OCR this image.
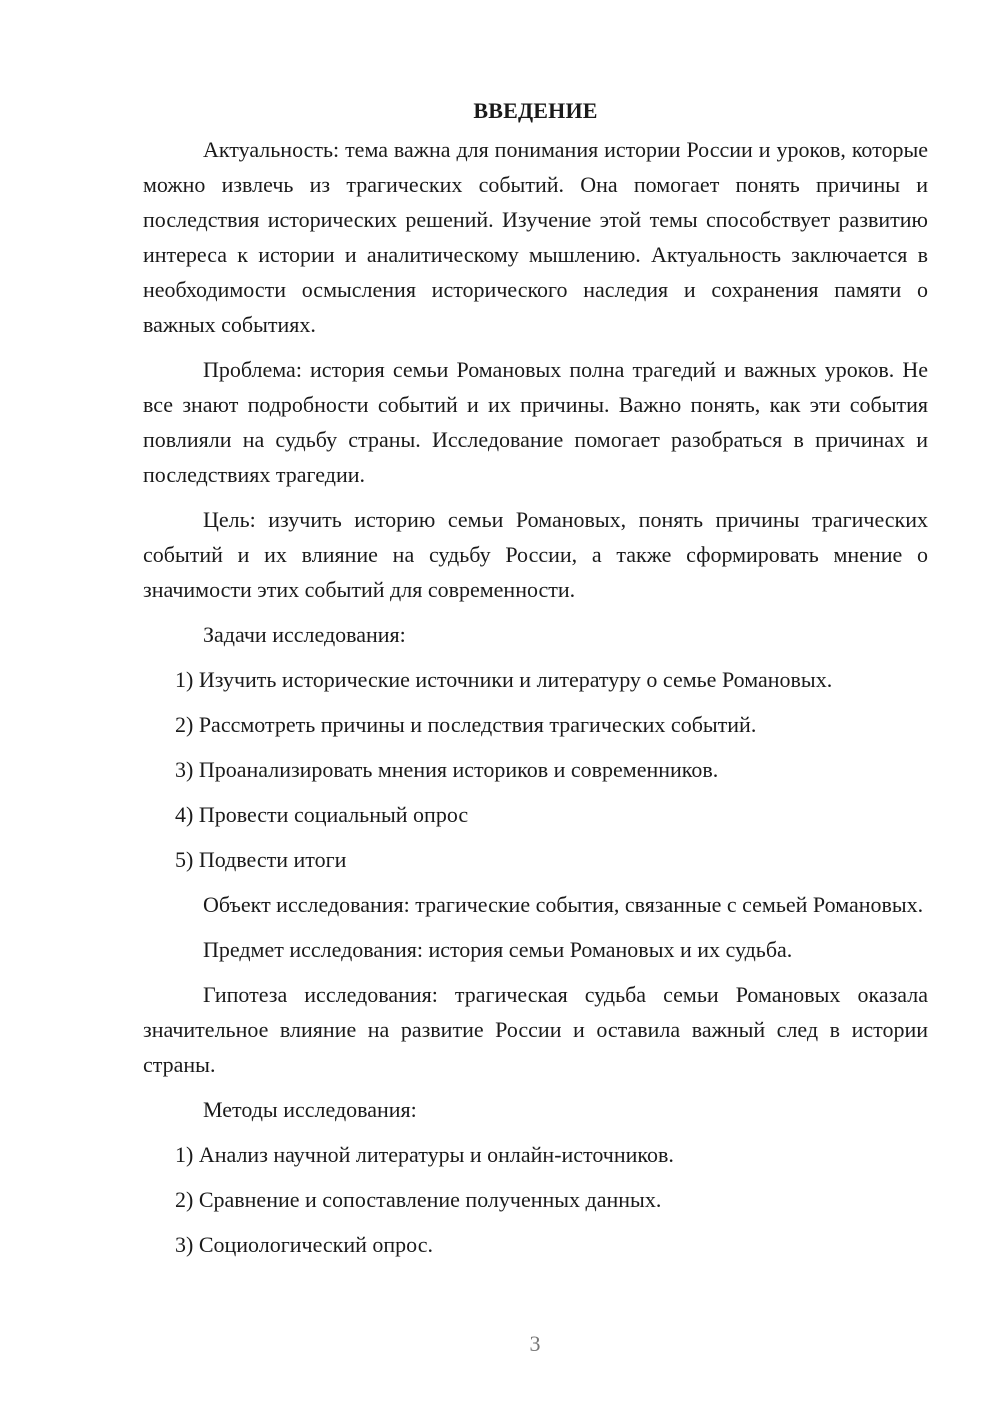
ВВЕДЕНИЕ

Актуальность: тема важна для понимания истории России и уроков, которые можно извлечь из трагических событий. Она помогает понять причины и последствия исторических решений. Изучение этой темы способствует развитию интереса к истории и аналитическому мышлению. Актуальность заключается в необходимости осмысления исторического наследия и сохранения памяти о важных событиях.

Проблема: история семьи Романовых полна трагедий и важных уроков. Не все знают подробности событий и их причины. Важно понять, как эти события повлияли на судьбу страны. Исследование помогает разобраться в причинах и последствиях трагедии.

Цель: изучить историю семьи Романовых, понять причины трагических событий и их влияние на судьбу России, а также сформировать мнение о значимости этих событий для современности.

Задачи исследования:
1) Изучить исторические источники и литературу о семье Романовых.
2) Рассмотреть причины и последствия трагических событий.
3) Проанализировать мнения историков и современников.
4) Провести социальный опрос
5) Подвести итоги

Объект исследования: трагические события, связанные с семьей Романовых.

Предмет исследования: история семьи Романовых и их судьба.

Гипотеза исследования: трагическая судьба семьи Романовых оказала значительное влияние на развитие России и оставила важный след в истории страны.

Методы исследования:
1) Анализ научной литературы и онлайн-источников.
2) Сравнение и сопоставление полученных данных.
3) Социологический опрос.
3
